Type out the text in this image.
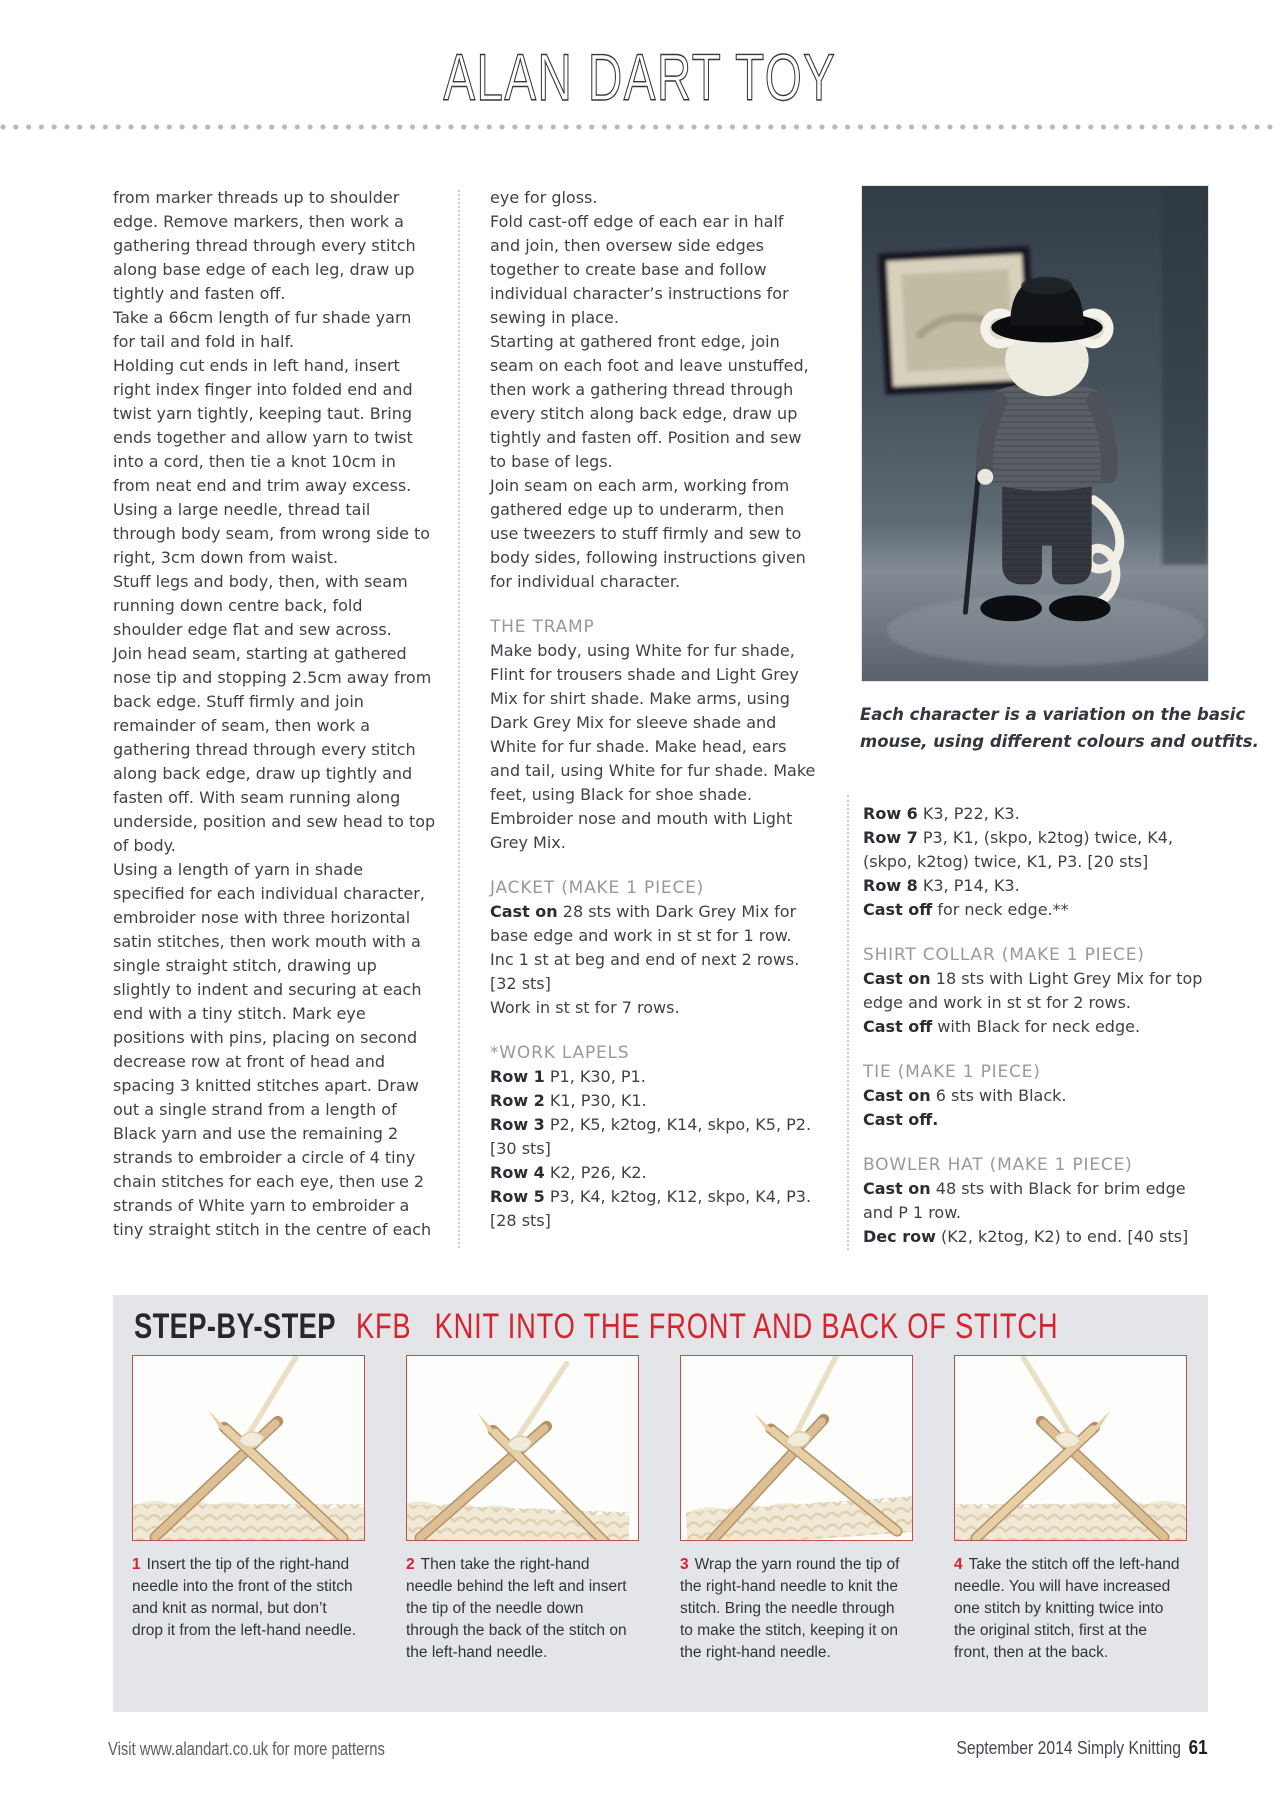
ALAN DART TOY
from marker threads up to shoulder edge. Remove markers, then work a gathering thread through every stitch along base edge of each leg, draw up tightly and fasten off.
Take a 66cm length of fur shade yarn for tail and fold in half.
Holding cut ends in left hand, insert right index finger into folded end and twist yarn tightly, keeping taut. Bring ends together and allow yarn to twist into a cord, then tie a knot 10cm in from neat end and trim away excess.
Using a large needle, thread tail through body seam, from wrong side to right, 3cm down from waist.
Stuff legs and body, then, with seam running down centre back, fold shoulder edge flat and sew across.
Join head seam, starting at gathered nose tip and stopping 2.5cm away from back edge. Stuff firmly and join remainder of seam, then work a gathering thread through every stitch along back edge, draw up tightly and fasten off. With seam running along underside, position and sew head to top of body.
Using a length of yarn in shade specified for each individual character, embroider nose with three horizontal satin stitches, then work mouth with a single straight stitch, drawing up slightly to indent and securing at each end with a tiny stitch. Mark eye positions with pins, placing on second decrease row at front of head and spacing 3 knitted stitches apart. Draw out a single strand from a length of Black yarn and use the remaining 2 strands to embroider a circle of 4 tiny chain stitches for each eye, then use 2 strands of White yarn to embroider a tiny straight stitch in the centre of each
eye for gloss.
Fold cast-off edge of each ear in half and join, then oversew side edges together to create base and follow individual character’s instructions for sewing in place.
Starting at gathered front edge, join seam on each foot and leave unstuffed, then work a gathering thread through every stitch along back edge, draw up tightly and fasten off. Position and sew to base of legs.
Join seam on each arm, working from gathered edge up to underarm, then use tweezers to stuff firmly and sew to body sides, following instructions given for individual character.
THE TRAMP
Make body, using White for fur shade, Flint for trousers shade and Light Grey Mix for shirt shade. Make arms, using Dark Grey Mix for sleeve shade and White for fur shade. Make head, ears and tail, using White for fur shade. Make feet, using Black for shoe shade. Embroider nose and mouth with Light Grey Mix.
JACKET (MAKE 1 PIECE)
Cast on 28 sts with Dark Grey Mix for base edge and work in st st for 1 row.
Inc 1 st at beg and end of next 2 rows. [32 sts]
Work in st st for 7 rows.
*WORK LAPELS
Row 1 P1, K30, P1.
Row 2 K1, P30, K1.
Row 3 P2, K5, k2tog, K14, skpo, K5, P2. [30 sts]
Row 4 K2, P26, K2.
Row 5 P3, K4, k2tog, K12, skpo, K4, P3. [28 sts]
Row 6 K3, P22, K3.
Row 7 P3, K1, (skpo, k2tog) twice, K4, (skpo, k2tog) twice, K1, P3. [20 sts]
Row 8 K3, P14, K3.
Cast off for neck edge.**
SHIRT COLLAR (MAKE 1 PIECE)
Cast on 18 sts with Light Grey Mix for top edge and work in st st for 2 rows.
Cast off with Black for neck edge.
TIE (MAKE 1 PIECE)
Cast on 6 sts with Black.
Cast off.
BOWLER HAT (MAKE 1 PIECE)
Cast on 48 sts with Black for brim edge and P 1 row.
Dec row (K2, k2tog, K2) to end. [40 sts]
Each character is a variation on the basic
mouse, using different colours and outfits.
STEP-BY-STEP KFB KNIT INTO THE FRONT AND BACK OF STITCH

1 Insert the tip of the right-hand needle into the front of the stitch and knit as normal, but don’t drop it from the left-hand needle.

2 Then take the right-hand needle behind the left and insert the tip of the needle down through the back of the stitch on the left-hand needle.

3 Wrap the yarn round the tip of the right-hand needle to knit the stitch. Bring the needle through to make the stitch, keeping it on the right-hand needle.

4 Take the stitch off the left-hand needle. You will have increased one stitch by knitting twice into the original stitch, first at the front, then at the back.

Visit www.alandart.co.uk for more patterns	September 2014 Simply Knitting 61
